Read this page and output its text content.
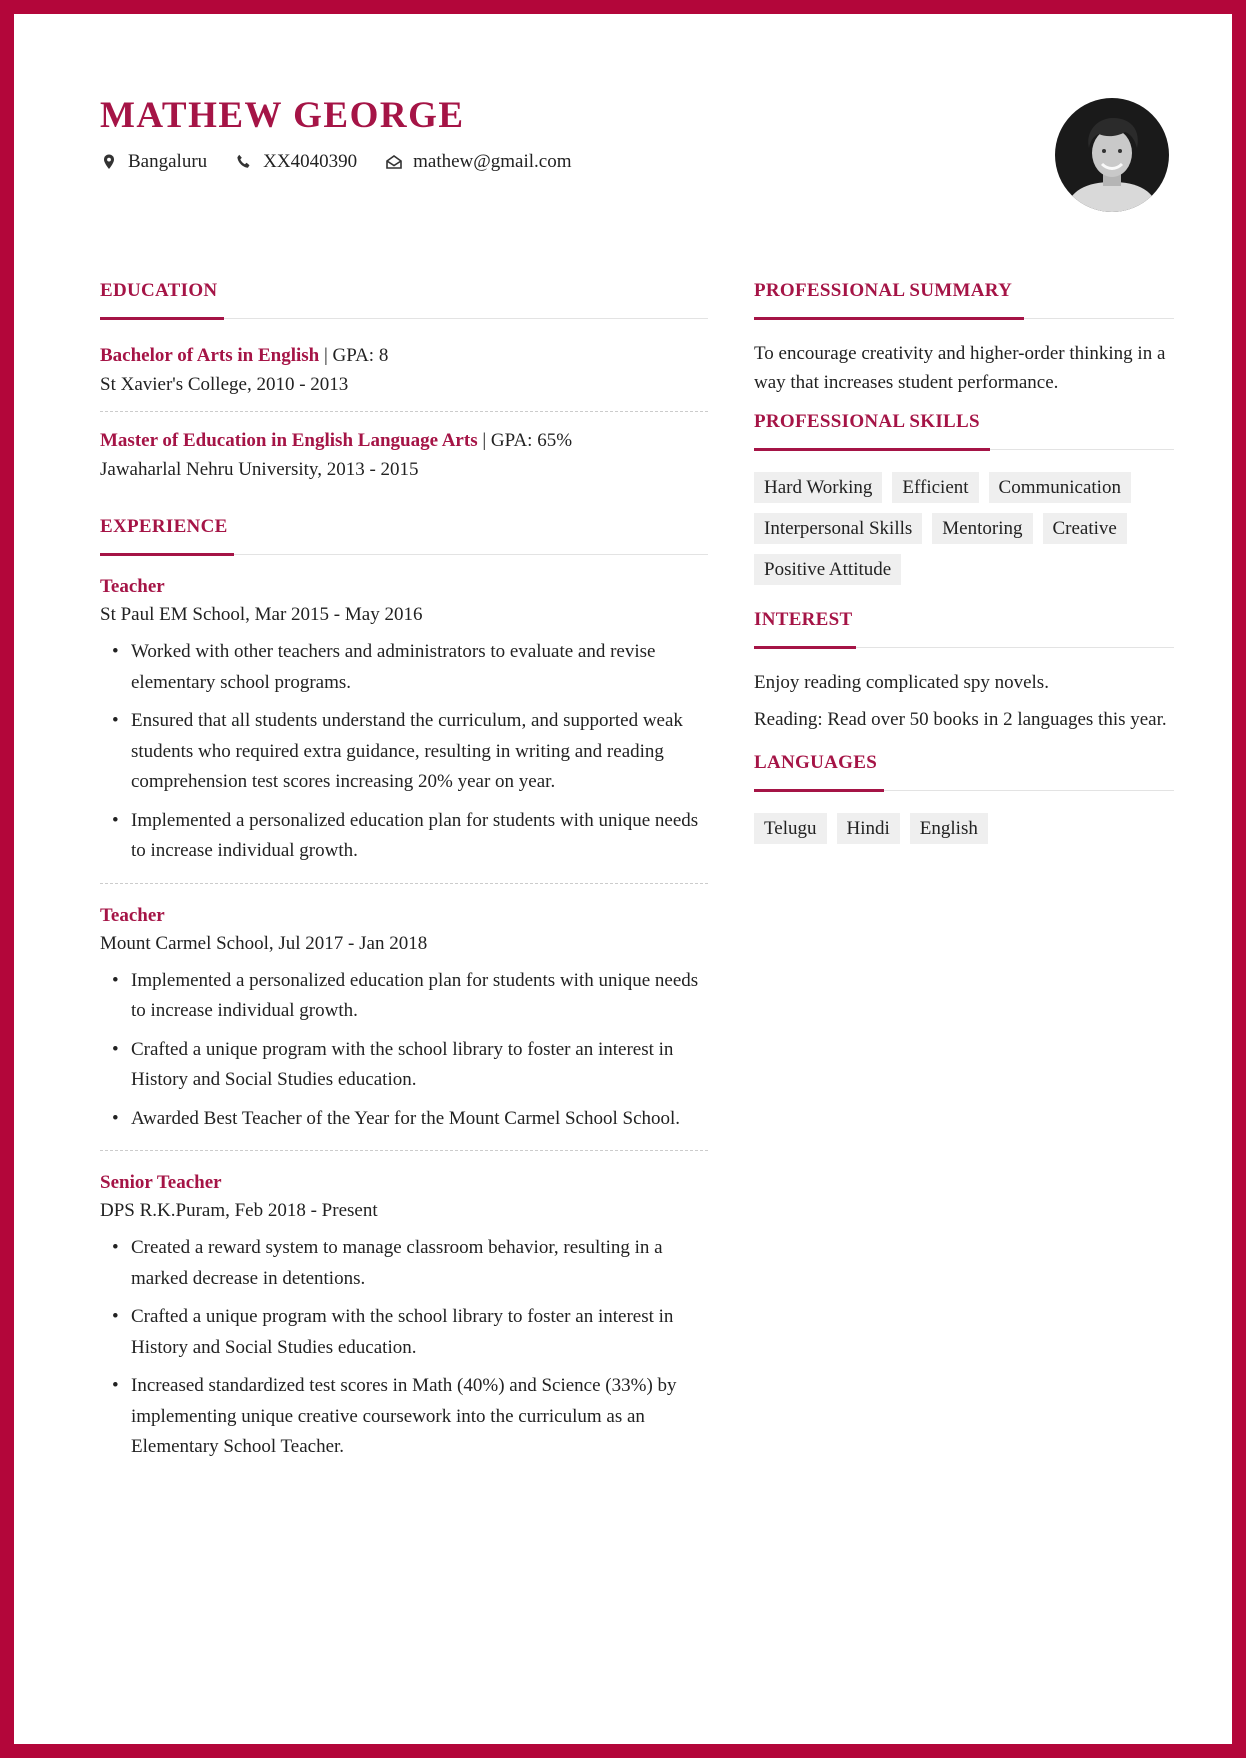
MATHEW GEORGE
Bangaluru	XX4040390	mathew@gmail.com
EDUCATION
Bachelor of Arts in English | GPA: 8
St Xavier's College, 2010 - 2013
Master of Education in English Language Arts | GPA: 65%
Jawaharlal Nehru University, 2013 - 2015
EXPERIENCE
Teacher
St Paul EM School, Mar 2015 - May 2016
• Worked with other teachers and administrators to evaluate and revise elementary school programs.
• Ensured that all students understand the curriculum, and supported weak students who required extra guidance, resulting in writing and reading comprehension test scores increasing 20% year on year.
• Implemented a personalized education plan for students with unique needs to increase individual growth.
Teacher
Mount Carmel School, Jul 2017 - Jan 2018
• Implemented a personalized education plan for students with unique needs to increase individual growth.
• Crafted a unique program with the school library to foster an interest in History and Social Studies education.
• Awarded Best Teacher of the Year for the Mount Carmel School School.
Senior Teacher
DPS R.K.Puram, Feb 2018 - Present
• Created a reward system to manage classroom behavior, resulting in a marked decrease in detentions.
• Crafted a unique program with the school library to foster an interest in History and Social Studies education.
• Increased standardized test scores in Math (40%) and Science (33%) by implementing unique creative coursework into the curriculum as an Elementary School Teacher.
PROFESSIONAL SUMMARY

To encourage creativity and higher-order thinking in a way that increases student performance.

PROFESSIONAL SKILLS
Hard Working	Efficient	Communication
Interpersonal Skills	Mentoring	Creative
Positive Attitude
INTEREST

Enjoy reading complicated spy novels.

Reading: Read over 50 books in 2 languages this year.

LANGUAGES
Telugu	Hindi	English
